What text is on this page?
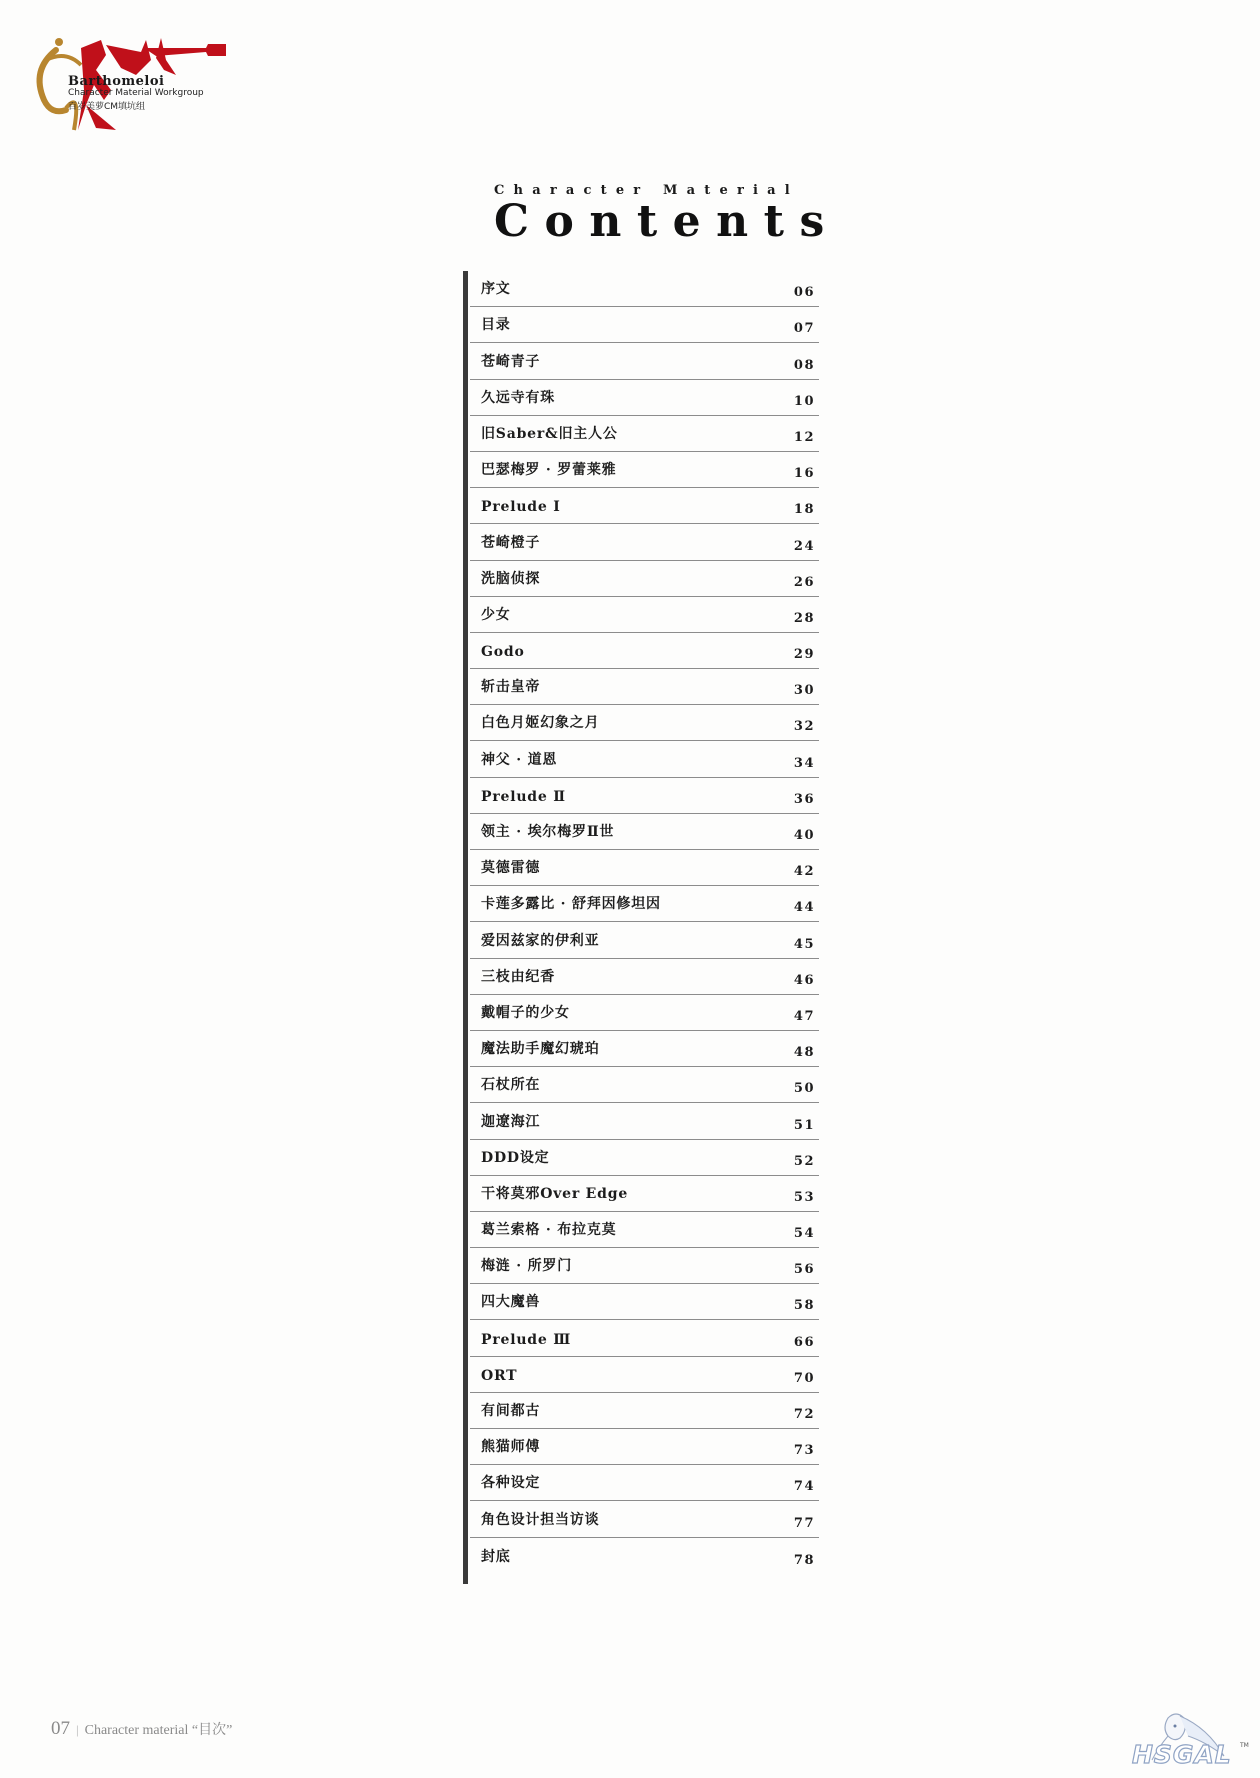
Barthomeloi
Character Material Workgroup
百岁美萝CM填坑组
Character Material
Contents
序文	06
目录	07
苍崎青子	08
久远寺有珠	10
旧Saber&旧主人公	12
巴瑟梅罗 · 罗蕾莱雅	16
Prelude Ⅰ	18
苍崎橙子	24
洗脑侦探	26
少女	28
Godo	29
斩击皇帝	30
白色月姬幻象之月	32
神父 · 道恩	34
Prelude Ⅱ	36
领主 · 埃尔梅罗Ⅱ世	40
莫德雷德	42
卡莲多露比 · 舒拜因修坦因	44
爱因兹家的伊利亚	45
三枝由纪香	46
戴帽子的少女	47
魔法助手魔幻琥珀	48
石杖所在	50
迦遼海江	51
DDD设定	52
干将莫邪Over Edge	53
葛兰索格 · 布拉克莫	54
梅涟 · 所罗门	56
四大魔兽	58
Prelude Ⅲ	66
ORT	70
有间都古	72
熊猫师傅	73
各种设定	74
角色设计担当访谈	77
封底	78
07 | Character material “目次”
HSGAL TM
